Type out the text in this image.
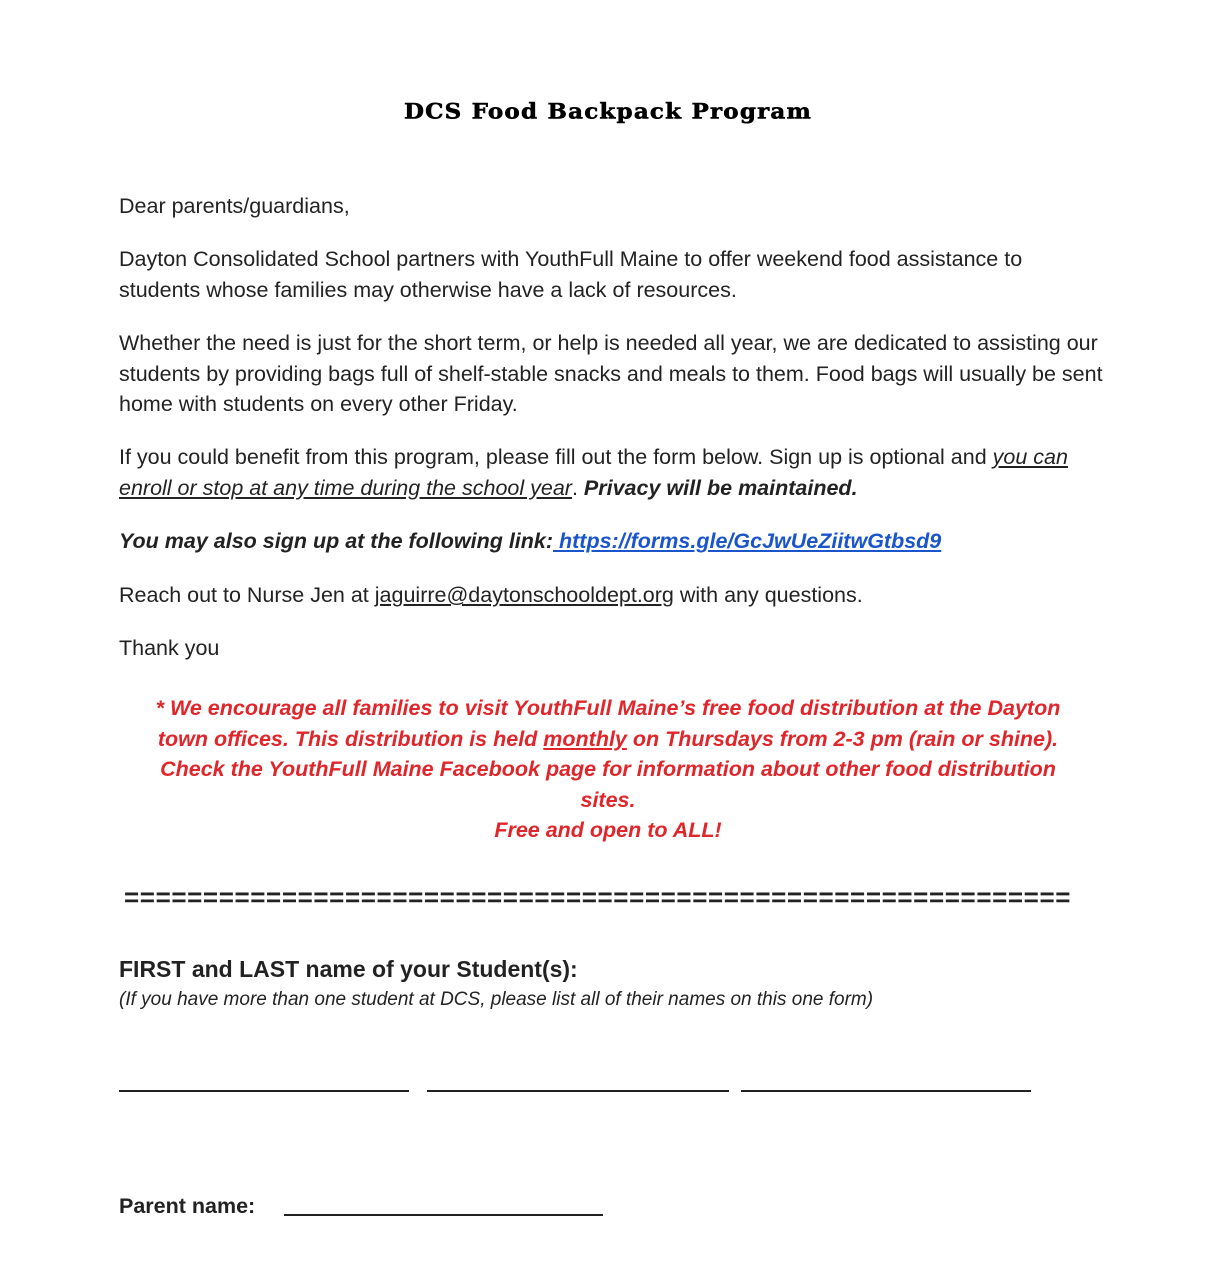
DCS Food Backpack Program

Dear parents/guardians,

Dayton Consolidated School partners with YouthFull Maine to offer weekend food assistance to students whose families may otherwise have a lack of resources.

Whether the need is just for the short term, or help is needed all year, we are dedicated to assisting our students by providing bags full of shelf-stable snacks and meals to them. Food bags will usually be sent home with students on every other Friday.

If you could benefit from this program, please fill out the form below. Sign up is optional and you can enroll or stop at any time during the school year. Privacy will be maintained.

You may also sign up at the following link: https://forms.gle/GcJwUeZiitwGtbsd9

Reach out to Nurse Jen at jaguirre@daytonschooldept.org with any questions.

Thank you

* We encourage all families to visit YouthFull Maine’s free food distribution at the Dayton
town offices. This distribution is held monthly on Thursdays from 2-3 pm (rain or shine).
Check the YouthFull Maine Facebook page for information about other food distribution
sites.
Free and open to ALL!
============================================================
FIRST and LAST name of your Student(s):
(If you have more than one student at DCS, please list all of their names on this one form)
Parent name:
